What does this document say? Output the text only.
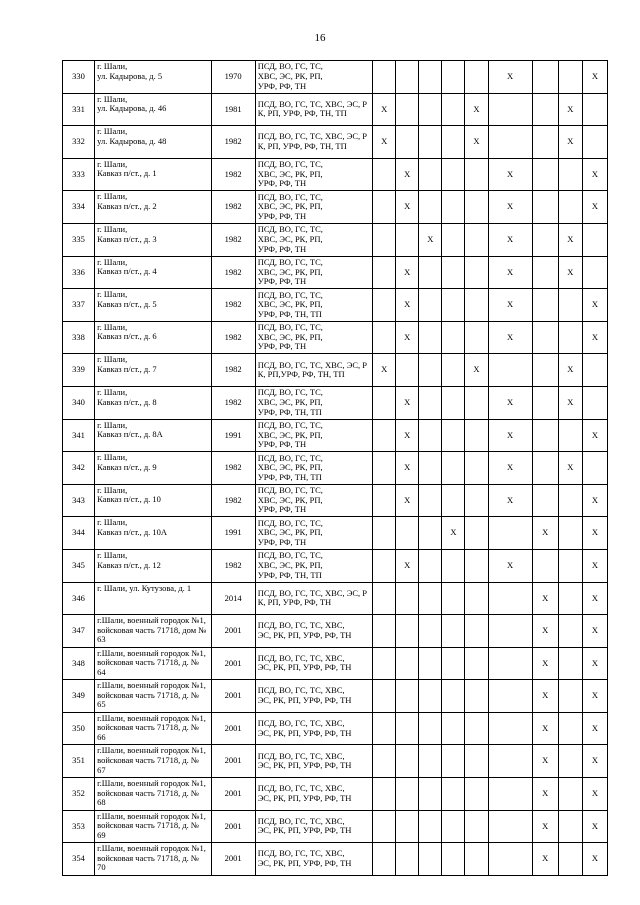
16
330	г. Шали,
ул. Кадырова, д. 5	1970	ПСД, ВО, ГС, ТС,
ХВС, ЭС, РК, РП,
УРФ, РФ, ТН						X			X
331	г. Шали,
ул. Кадырова, д. 46	1981	ПСД, ВО, ГС, ТС, ХВС, ЭС, Р
К, РП, УРФ, РФ, ТН, ТП	X				X			X	
332	г. Шали,
ул. Кадырова, д. 48	1982	ПСД, ВО, ГС, ТС, ХВС, ЭС, Р
К, РП, УРФ, РФ, ТН, ТП	X				X			X	
333	г. Шали,
Кавказ п/ст., д. 1	1982	ПСД, ВО, ГС, ТС,
ХВС, ЭС, РК, РП,
УРФ, РФ, ТН		X				X			X
334	г. Шали,
Кавказ п/ст., д. 2	1982	ПСД, ВО, ГС, ТС,
ХВС, ЭС, РК, РП,
УРФ, РФ, ТН		X				X			X
335	г. Шали,
Кавказ п/ст., д. 3	1982	ПСД, ВО, ГС, ТС,
ХВС, ЭС, РК, РП,
УРФ, РФ, ТН			X			X		X	
336	г. Шали,
Кавказ п/ст., д. 4	1982	ПСД, ВО, ГС, ТС,
ХВС, ЭС, РК, РП,
УРФ, РФ, ТН		X				X		X	
337	г. Шали,
Кавказ п/ст., д. 5	1982	ПСД, ВО, ГС, ТС,
ХВС, ЭС, РК, РП,
УРФ, РФ, ТН, ТП		X				X			X
338	г. Шали,
Кавказ п/ст., д. 6	1982	ПСД, ВО, ГС, ТС,
ХВС, ЭС, РК, РП,
УРФ, РФ, ТН		X				X			X
339	г. Шали,
Кавказ п/ст., д. 7	1982	ПСД, ВО, ГС, ТС, ХВС, ЭС, Р
К, РП,УРФ, РФ, ТН, ТП	X				X			X	
340	г. Шали,
Кавказ п/ст., д. 8	1982	ПСД, ВО, ГС, ТС,
ХВС, ЭС, РК, РП,
УРФ, РФ, ТН, ТП		X				X		X	
341	г. Шали,
Кавказ п/ст., д. 8А	1991	ПСД, ВО, ГС, ТС,
ХВС, ЭС, РК, РП,
УРФ, РФ, ТН		X				X			X
342	г. Шали,
Кавказ п/ст., д. 9	1982	ПСД, ВО, ГС, ТС,
ХВС, ЭС, РК, РП,
УРФ, РФ, ТН, ТП		X				X		X	
343	г. Шали,
Кавказ п/ст., д. 10	1982	ПСД, ВО, ГС, ТС,
ХВС, ЭС, РК, РП,
УРФ, РФ, ТН		X				X			X
344	г. Шали,
Кавказ п/ст., д. 10А	1991	ПСД, ВО, ГС, ТС,
ХВС, ЭС, РК, РП,
УРФ, РФ, ТН				X			X		X
345	г. Шали,
Кавказ п/ст., д. 12	1982	ПСД, ВО, ГС, ТС,
ХВС, ЭС, РК, РП,
УРФ, РФ, ТН, ТП		X				X			X
346	г. Шали, ул. Кутузова, д. 1	2014	ПСД, ВО, ГС, ТС, ХВС, ЭС, Р
К, РП, УРФ, РФ, ТН							X		X
347	г.Шали, военный городок №1,
войсковая часть 71718, дом №
63	2001	ПСД, ВО, ГС, ТС, ХВС,
ЭС, РК, РП, УРФ, РФ, ТН							X		X
348	г.Шали, военный городок №1,
войсковая часть 71718, д. №
64	2001	ПСД, ВО, ГС, ТС, ХВС,
ЭС, РК, РП, УРФ, РФ, ТН							X		X
349	г.Шали, военный городок №1,
войсковая часть 71718, д. №
65	2001	ПСД, ВО, ГС, ТС, ХВС,
ЭС, РК, РП, УРФ, РФ, ТН							X		X
350	г.Шали, военный городок №1,
войсковая часть 71718, д. №
66	2001	ПСД, ВО, ГС, ТС, ХВС,
ЭС, РК, РП, УРФ, РФ, ТН							X		X
351	г.Шали, военный городок №1,
войсковая часть 71718, д. №
67	2001	ПСД, ВО, ГС, ТС, ХВС,
ЭС, РК, РП, УРФ, РФ, ТН							X		X
352	г.Шали, военный городок №1,
войсковая часть 71718, д. №
68	2001	ПСД, ВО, ГС, ТС, ХВС,
ЭС, РК, РП, УРФ, РФ, ТН							X		X
353	г.Шали, военный городок №1,
войсковая часть 71718, д. №
69	2001	ПСД, ВО, ГС, ТС, ХВС,
ЭС, РК, РП, УРФ, РФ, ТН							X		X
354	г.Шали, военный городок №1,
войсковая часть 71718, д. №
70	2001	ПСД, ВО, ГС, ТС, ХВС,
ЭС, РК, РП, УРФ, РФ, ТН							X		X
